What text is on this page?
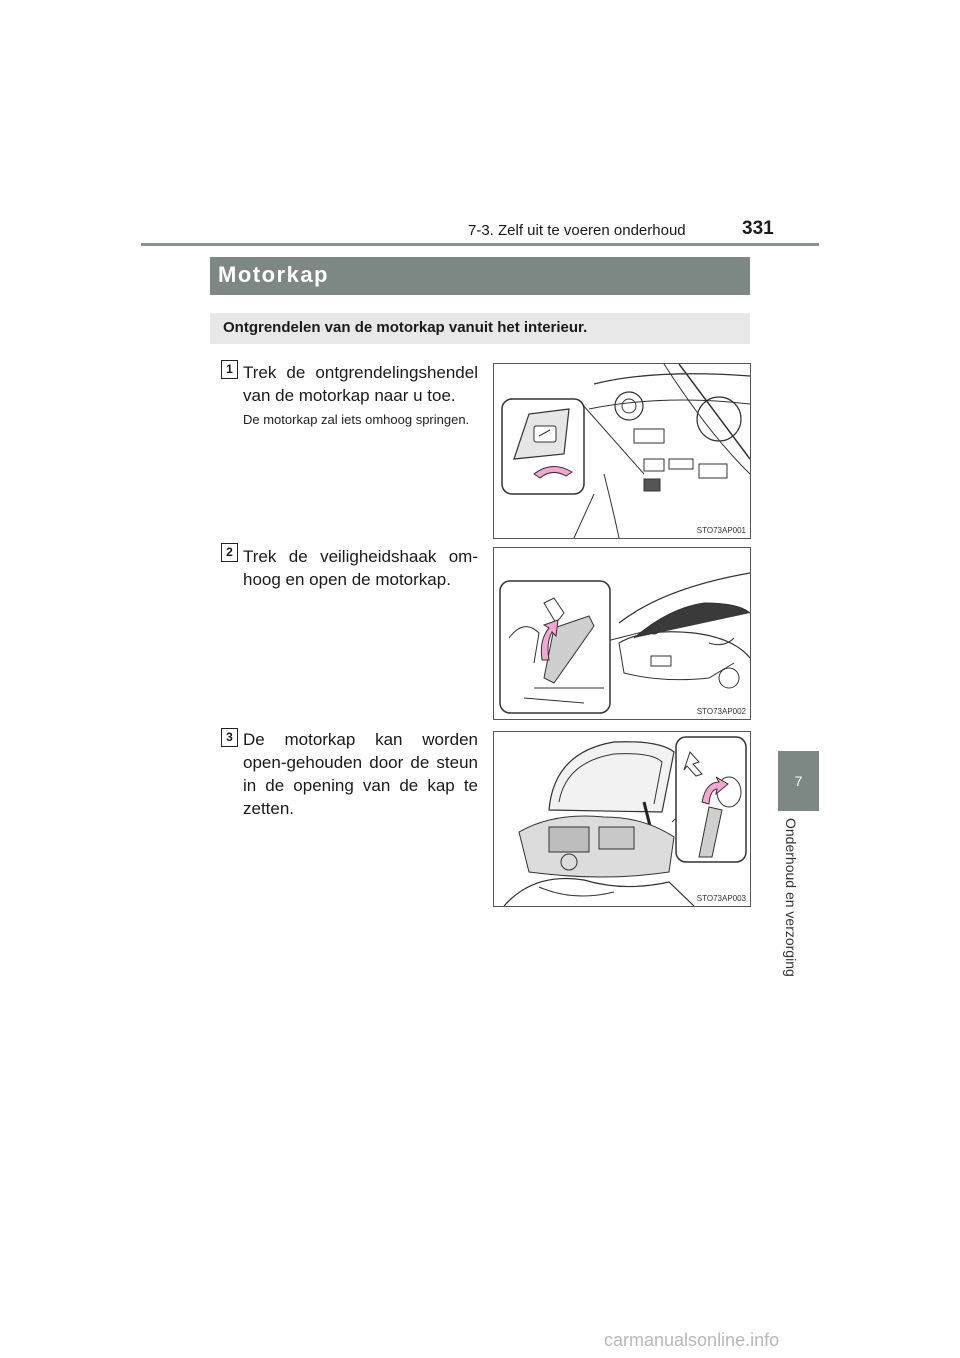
7-3. Zelf uit te voeren onderhoud	331
Motorkap
Ontgrendelen van de motorkap vanuit het interieur.
1 Trek de ontgrendelingshendel van de motorkap naar u toe.
De motorkap zal iets omhoog springen.
STO73AP001
2 Trek de veiligheidshaak om-hoog en open de motorkap.
STO73AP002
3 De motorkap kan worden open-gehouden door de steun in de opening van de kap te zetten.
STO73AP003
7
Onderhoud en verzorging
carmanualsonline.info
